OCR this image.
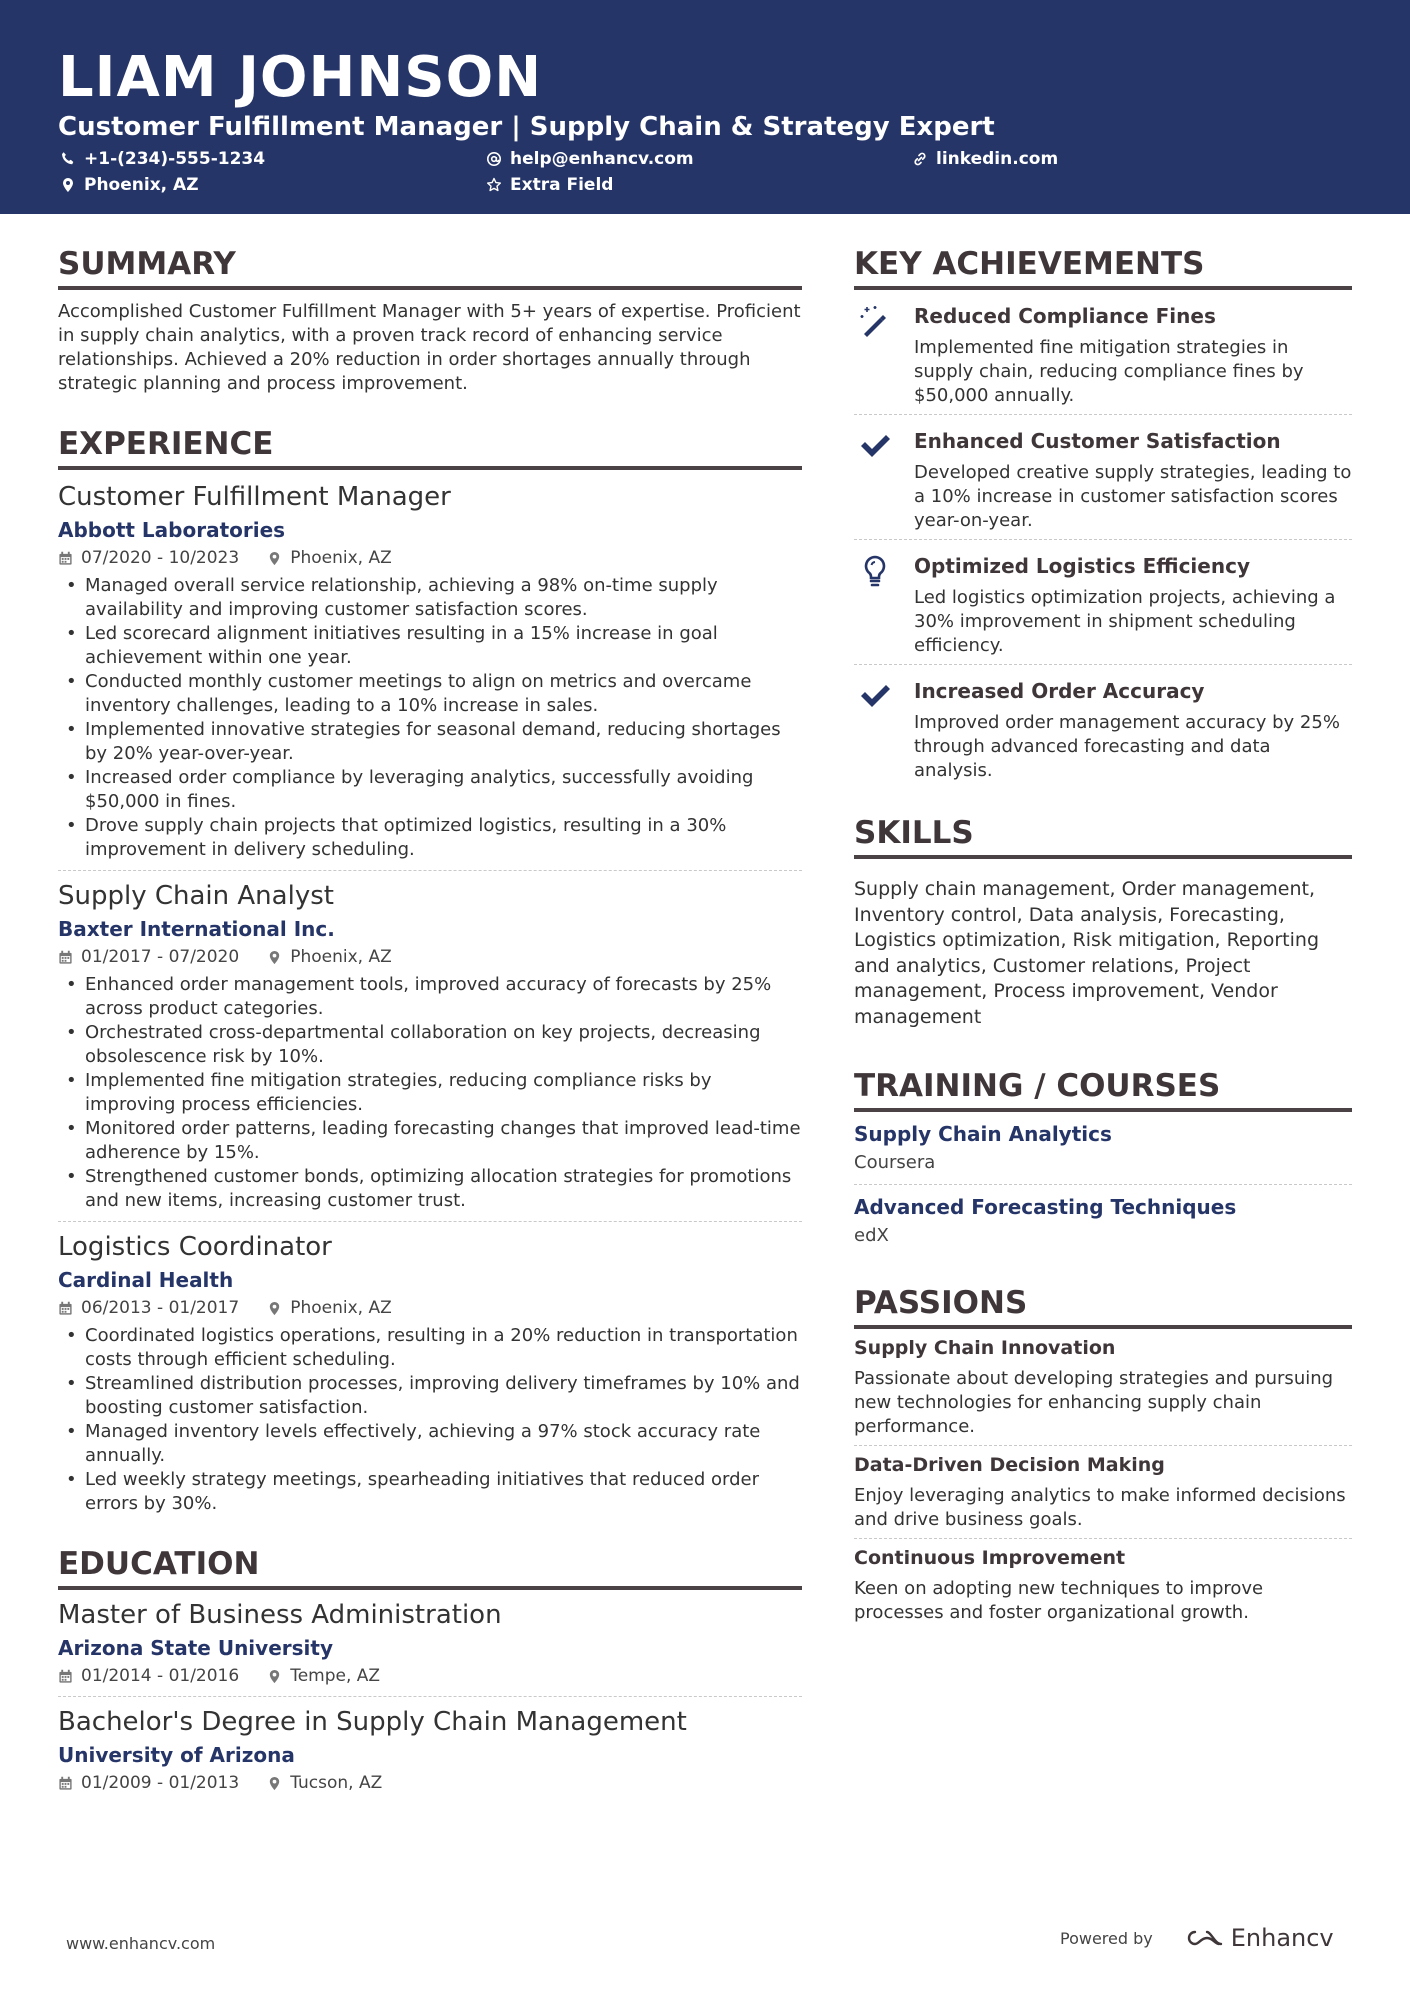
LIAM JOHNSON
Customer Fulfillment Manager | Supply Chain & Strategy Expert
+1-(234)-555-1234	help@enhancv.com	linkedin.com
Phoenix, AZ	Extra Field
SUMMARY
Accomplished Customer Fulfillment Manager with 5+ years of expertise. Proficient in supply chain analytics, with a proven track record of enhancing service relationships. Achieved a 20% reduction in order shortages annually through strategic planning and process improvement.
EXPERIENCE
Customer Fulfillment Manager
Abbott Laboratories
07/2020 - 10/2023	Phoenix, AZ
• Managed overall service relationship, achieving a 98% on-time supply availability and improving customer satisfaction scores.
• Led scorecard alignment initiatives resulting in a 15% increase in goal achievement within one year.
• Conducted monthly customer meetings to align on metrics and overcame inventory challenges, leading to a 10% increase in sales.
• Implemented innovative strategies for seasonal demand, reducing shortages by 20% year-over-year.
• Increased order compliance by leveraging analytics, successfully avoiding $50,000 in fines.
• Drove supply chain projects that optimized logistics, resulting in a 30% improvement in delivery scheduling.
Supply Chain Analyst
Baxter International Inc.
01/2017 - 07/2020	Phoenix, AZ
• Enhanced order management tools, improved accuracy of forecasts by 25% across product categories.
• Orchestrated cross-departmental collaboration on key projects, decreasing obsolescence risk by 10%.
• Implemented fine mitigation strategies, reducing compliance risks by improving process efficiencies.
• Monitored order patterns, leading forecasting changes that improved lead-time adherence by 15%.
• Strengthened customer bonds, optimizing allocation strategies for promotions and new items, increasing customer trust.
Logistics Coordinator
Cardinal Health
06/2013 - 01/2017	Phoenix, AZ
• Coordinated logistics operations, resulting in a 20% reduction in transportation costs through efficient scheduling.
• Streamlined distribution processes, improving delivery timeframes by 10% and boosting customer satisfaction.
• Managed inventory levels effectively, achieving a 97% stock accuracy rate annually.
• Led weekly strategy meetings, spearheading initiatives that reduced order errors by 30%.
EDUCATION
Master of Business Administration
Arizona State University
01/2014 - 01/2016	Tempe, AZ
Bachelor's Degree in Supply Chain Management
University of Arizona
01/2009 - 01/2013	Tucson, AZ
KEY ACHIEVEMENTS
Reduced Compliance Fines
Implemented fine mitigation strategies in supply chain, reducing compliance fines by $50,000 annually.
Enhanced Customer Satisfaction
Developed creative supply strategies, leading to a 10% increase in customer satisfaction scores year-on-year.
Optimized Logistics Efficiency
Led logistics optimization projects, achieving a 30% improvement in shipment scheduling efficiency.
Increased Order Accuracy
Improved order management accuracy by 25% through advanced forecasting and data analysis.
SKILLS
Supply chain management, Order management, Inventory control, Data analysis, Forecasting, Logistics optimization, Risk mitigation, Reporting and analytics, Customer relations, Project management, Process improvement, Vendor management
TRAINING / COURSES
Supply Chain Analytics
Coursera
Advanced Forecasting Techniques
edX
PASSIONS
Supply Chain Innovation
Passionate about developing strategies and pursuing new technologies for enhancing supply chain performance.
Data-Driven Decision Making
Enjoy leveraging analytics to make informed decisions and drive business goals.
Continuous Improvement
Keen on adopting new techniques to improve processes and foster organizational growth.
www.enhancv.com	Powered by	Enhancv
